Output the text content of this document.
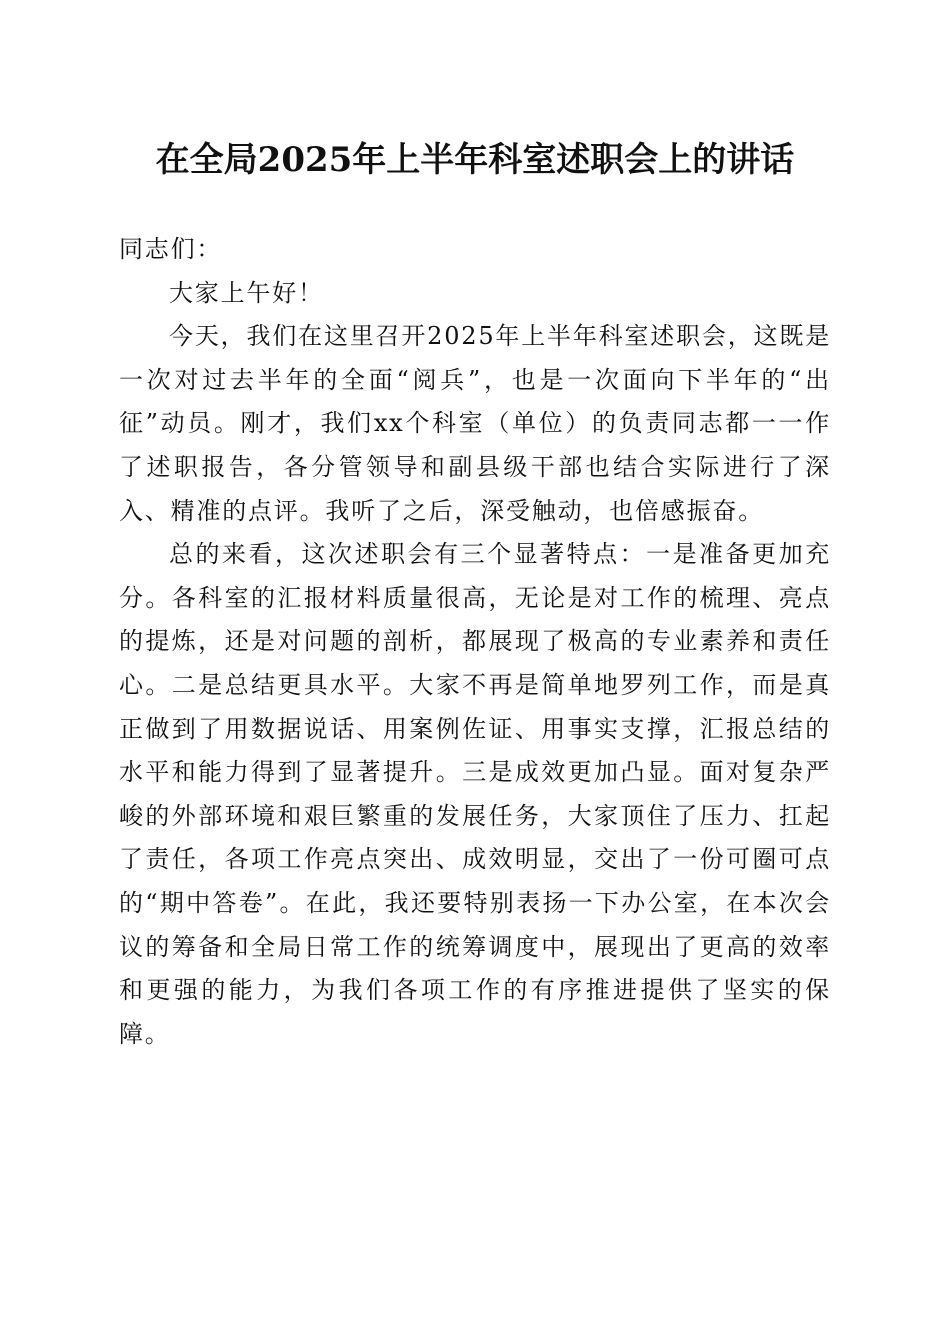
在全局2025年上半年科室述职会上的讲话

同志们：

大家上午好！

今天，我们在这里召开2025年上半年科室述职会，这既是一次对过去半年的全面“阅兵”，也是一次面向下半年的“出征”动员。刚才，我们xx个科室（单位）的负责同志都一一作了述职报告，各分管领导和副县级干部也结合实际进行了深入、精准的点评。我听了之后，深受触动，也倍感振奋。

总的来看，这次述职会有三个显著特点：一是准备更加充分。各科室的汇报材料质量很高，无论是对工作的梳理、亮点的提炼，还是对问题的剖析，都展现了极高的专业素养和责任心。二是总结更具水平。大家不再是简单地罗列工作，而是真正做到了用数据说话、用案例佐证、用事实支撑，汇报总结的水平和能力得到了显著提升。三是成效更加凸显。面对复杂严峻的外部环境和艰巨繁重的发展任务，大家顶住了压力、扛起了责任，各项工作亮点突出、成效明显，交出了一份可圈可点的“期中答卷”。在此，我还要特别表扬一下办公室，在本次会议的筹备和全局日常工作的统筹调度中，展现出了更高的效率和更强的能力，为我们各项工作的有序推进提供了坚实的保障。
